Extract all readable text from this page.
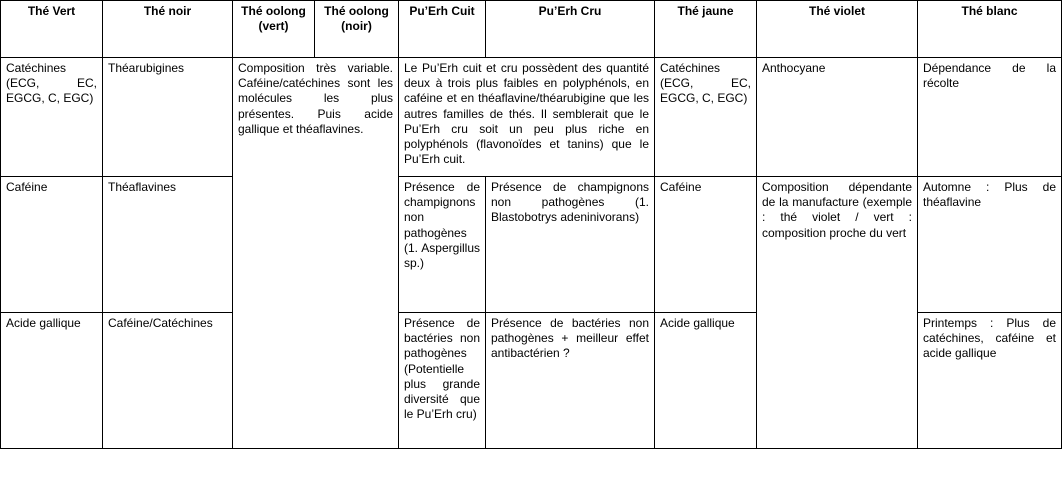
Thé Vert	Thé noir	Thé oolong (vert)	Thé oolong (noir)	Pu’Erh Cuit	Pu’Erh Cru	Thé jaune	Thé violet	Thé blanc
Catéchines (ECG, EC, EGCG, C, EGC)	Théarubigines	Composition très variable. Caféine/catéchines sont les molécules les plus présentes. Puis acide gallique et théaflavines.		Le Pu’Erh cuit et cru possèdent des quantité deux à trois plus faibles en polyphénols, en caféine et en théaflavine/théarubigine que les autres familles de thés. Il semblerait que le Pu’Erh cru soit un peu plus riche en polyphénols (flavonoïdes et tanins) que le Pu’Erh cuit.		Catéchines (ECG, EC, EGCG, C, EGC)	Anthocyane	Dépendance de la récolte
Caféine	Théaflavines			Présence de champignons non pathogènes (1. Aspergillus sp.)	Présence de champignons non pathogènes (1. Blastobotrys adeninivorans)	Caféine	Composition dépendante de la manufacture (exemple : thé violet / vert : composition proche du vert	Automne : Plus de théaflavine
Acide gallique	Caféine/Catéchines			Présence de bactéries non pathogènes (Potentielle plus grande diversité que le Pu’Erh cru)	Présence de bactéries non pathogènes + meilleur effet antibactérien ?	Acide gallique		Printemps : Plus de catéchines, caféine et acide gallique
